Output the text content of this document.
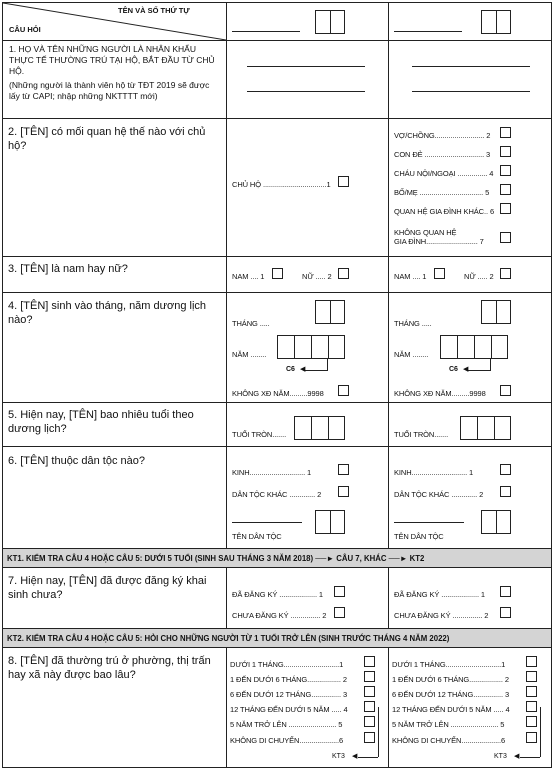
TÊN VÀ SỐ THỨ TỰ
CÂU HỎI
1. HỌ VÀ TÊN NHỮNG NGƯỜI LÀ NHÂN KHẨU THỰC TẾ THƯỜNG TRÚ TẠI HỘ, BẮT ĐẦU TỪ CHỦ HỘ.
(Những người là thành viên hộ từ TĐT 2019 sẽ được lấy từ CAPI; nhập những NKTTTT mới)
2. [TÊN] có mối quan hệ thế nào với chủ hộ?
CHỦ HỘ ................................1
VỢ/CHỒNG......................... 2
CON ĐẺ .............................. 3
CHÁU NỘI/NGOẠI ............... 4
BỐ/MẸ ................................ 5
QUAN HỆ GIA ĐÌNH KHÁC.. 6
KHÔNG QUAN HỆ
GIA ĐÌNH.......................... 7
3. [TÊN] là nam hay nữ?
NAM .... 1	NỮ ..... 2	NAM .... 1	NỮ ..... 2
4. [TÊN] sinh vào tháng, năm dương lịch nào?	THÁNG .....
NĂM ........
◀
C6
KHÔNG XĐ NĂM.........9998
THÁNG .....
NĂM ........
◀
C6
KHÔNG XĐ NĂM.........9998
5. Hiện nay, [TÊN] bao nhiêu tuổi theo dương lịch?	TUỔI TRÒN.......	TUỔI TRÒN.......
6. [TÊN] thuộc dân tộc nào?
KINH............................ 1
DÂN TỘC KHÁC ............. 2
TÊN DÂN TỘC
KINH............................ 1
DÂN TỘC KHÁC ............. 2
TÊN DÂN TỘC
KT1. KIỂM TRA CÂU 4 HOẶC CÂU 5: DƯỚI 5 TUỔI (SINH SAU THÁNG 3 NĂM 2018) ──► CÂU 7, KHÁC ──► KT2
7. Hiện nay, [TÊN] đã được đăng ký khai sinh chưa?	ĐÃ ĐĂNG KÝ ................... 1
CHƯA ĐĂNG KÝ ............... 2
ĐÃ ĐĂNG KÝ ................... 1
CHƯA ĐĂNG KÝ ............... 2
KT2. KIỂM TRA CÂU 4 HOẶC CÂU 5: HỎI CHO NHỮNG NGƯỜI TỪ 1 TUỔI TRỞ LÊN (SINH TRƯỚC THÁNG 4 NĂM 2022)
8. [TÊN] đã thường trú ở phường, thị trấn hay xã này được bao lâu?
DƯỚI 1 THÁNG............................1
1 ĐẾN DƯỚI 6 THÁNG................. 2
6 ĐẾN DƯỚI 12 THÁNG............... 3
12 THÁNG ĐẾN DƯỚI 5 NĂM ..... 4
5 NĂM TRỞ LÊN ........................ 5
KHÔNG DI CHUYỂN....................6
◀
KT3
DƯỚI 1 THÁNG............................1
1 ĐẾN DƯỚI 6 THÁNG................. 2
6 ĐẾN DƯỚI 12 THÁNG............... 3
12 THÁNG ĐẾN DƯỚI 5 NĂM ..... 4
5 NĂM TRỞ LÊN ........................ 5
KHÔNG DI CHUYỂN....................6
◀
KT3
